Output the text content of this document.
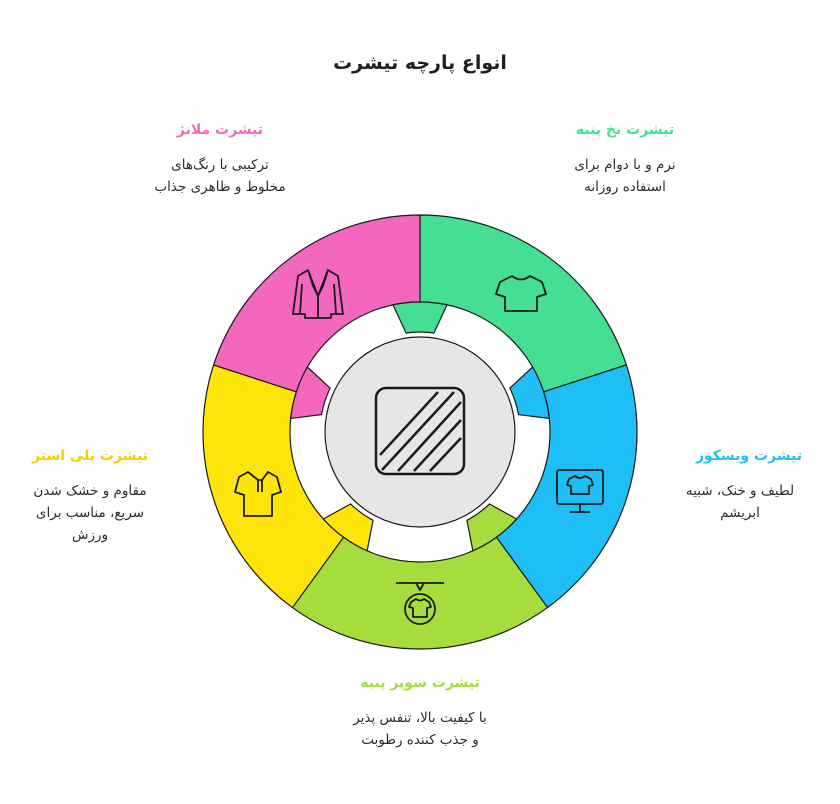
انواع پارچه تیشرت
تیشرت نخ پنبه
نرم و با دوام برای
استفاده روزانه
تیشرت ویسکوز
لطیف و خنک، شبیه
ابریشم
تیشرت سوپر پنبه
با کیفیت بالا، تنفس پذیر
و جذب کننده رطوبت
تیشرت پلی استر
مقاوم و خشک شدن
سریع، مناسب برای
ورزش
تیشرت ملانژ
ترکیبی با رنگ‌های
مخلوط و ظاهری جذاب
